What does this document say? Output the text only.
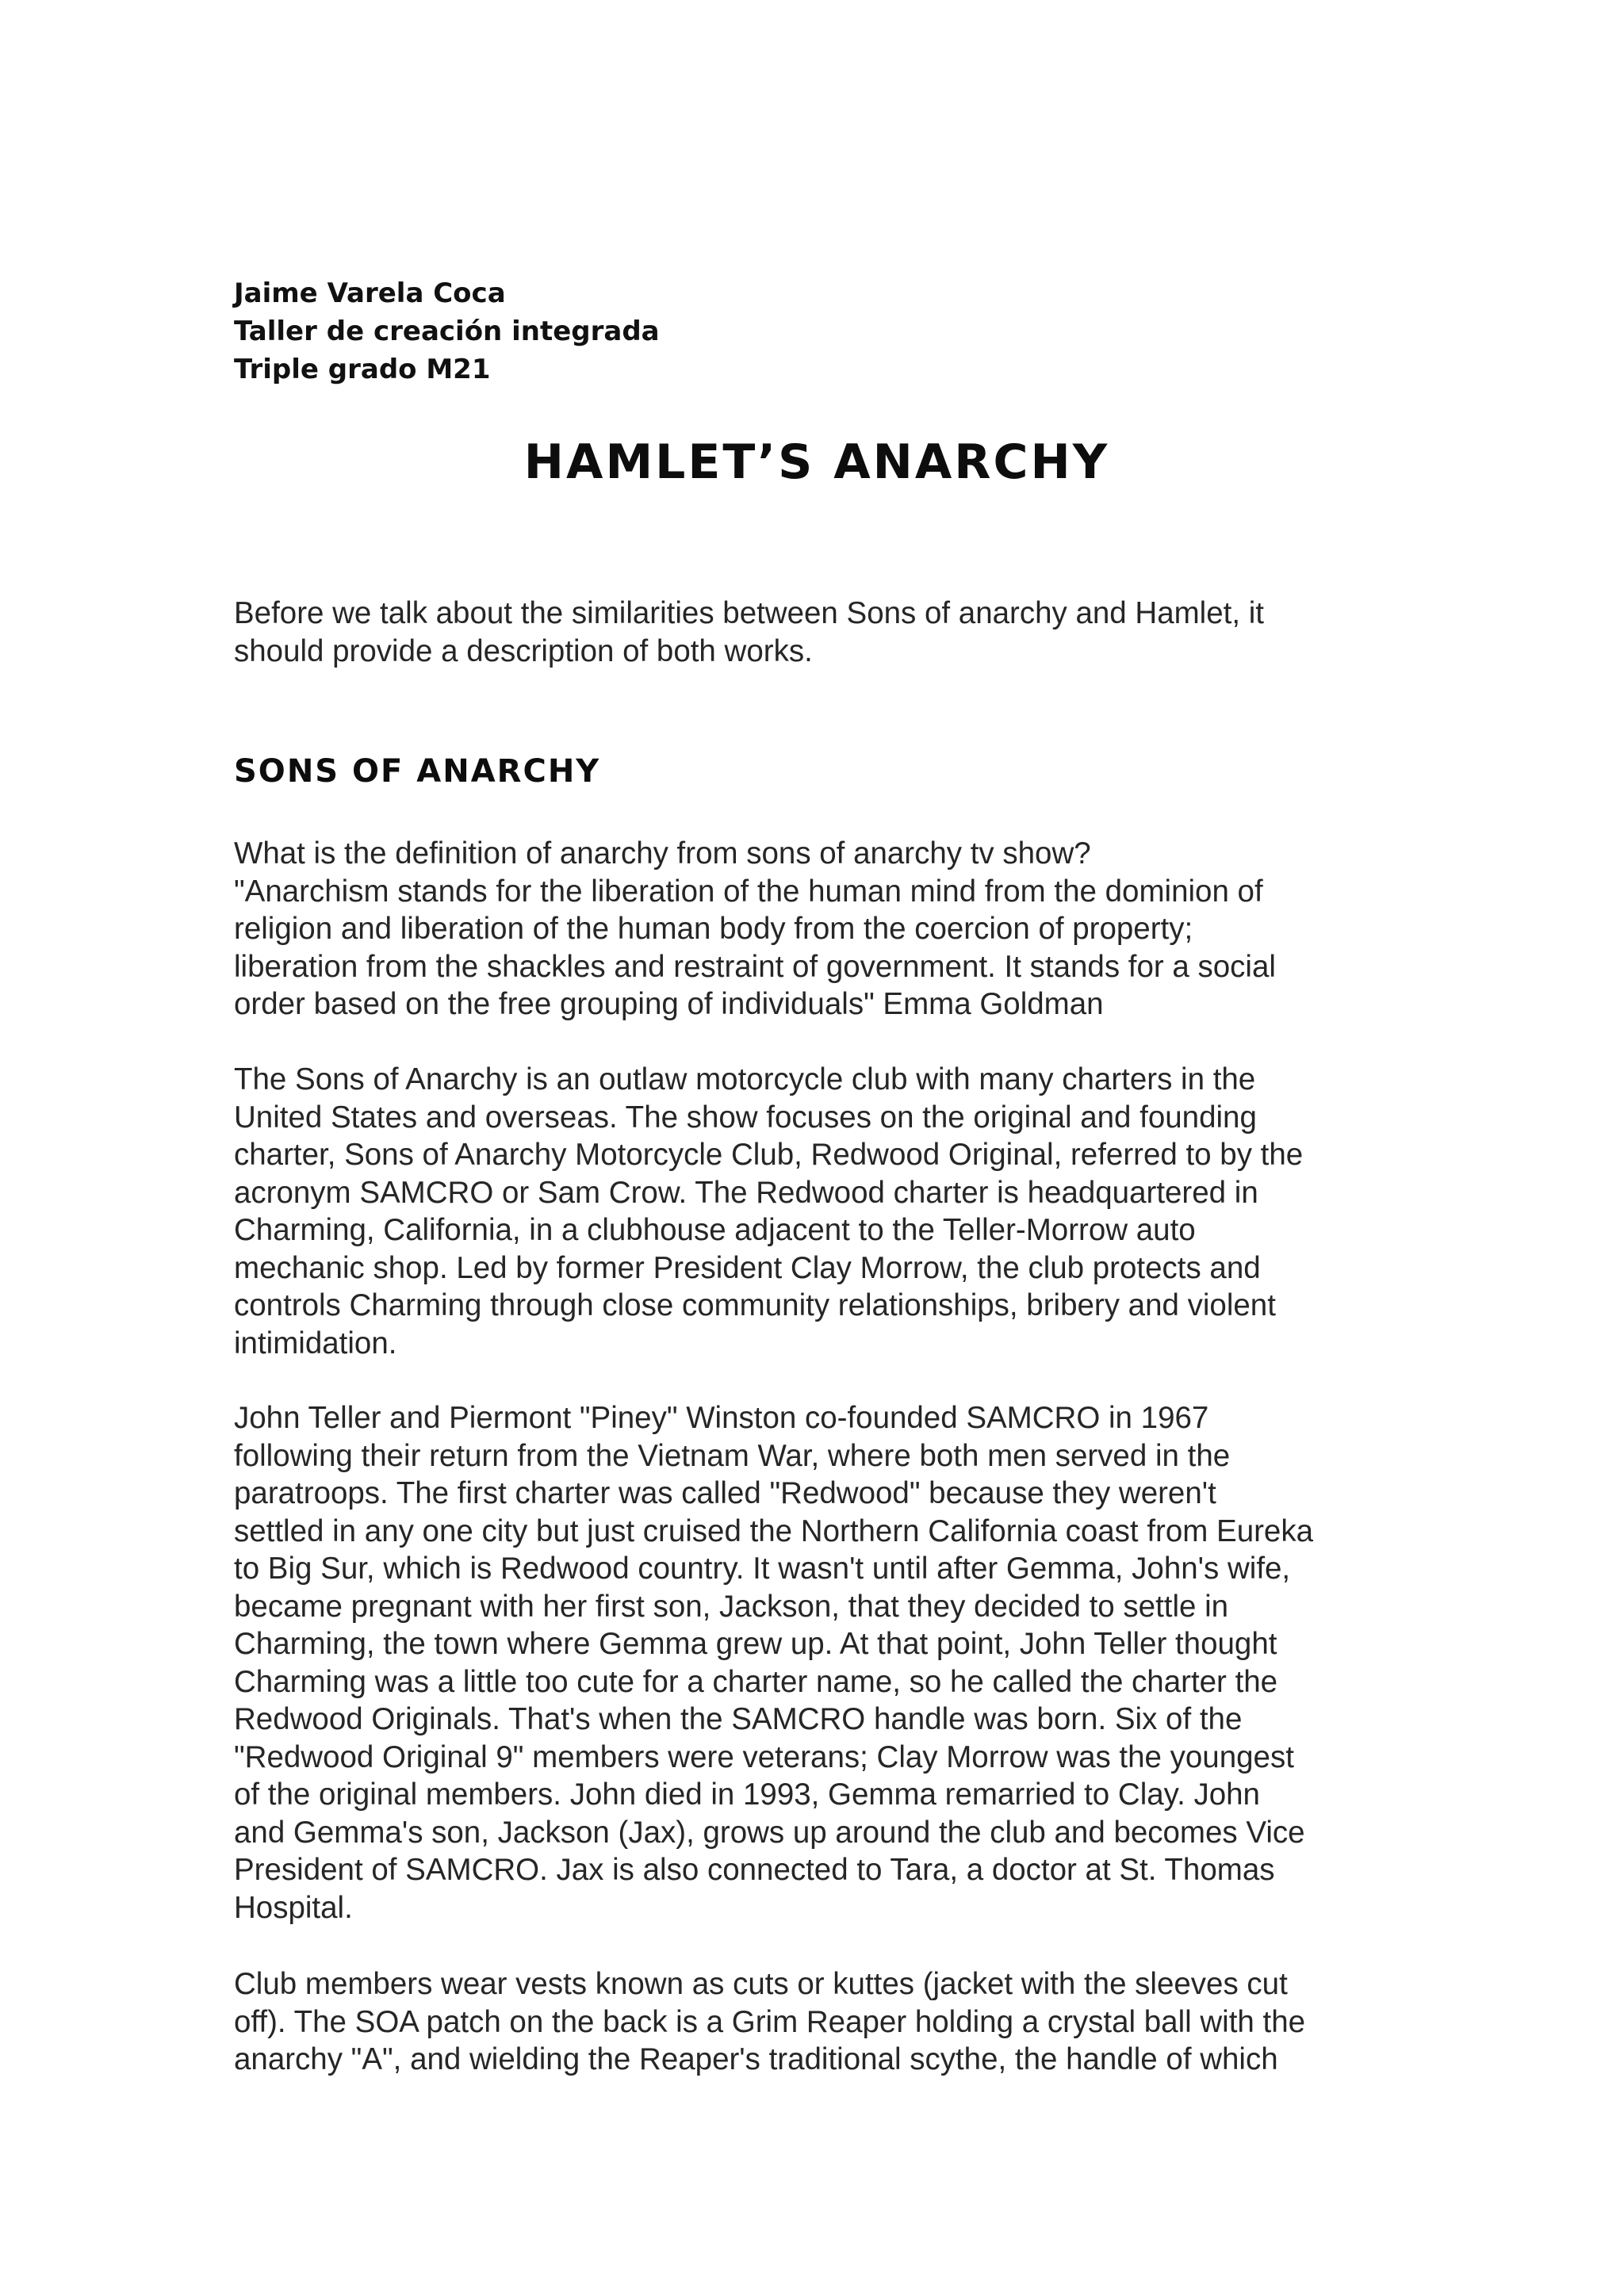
Jaime Varela Coca
Taller de creación integrada
Triple grado M21
HAMLET’S ANARCHY

Before we talk about the similarities between Sons of anarchy and Hamlet, it
should provide a description of both works.

SONS OF ANARCHY

What is the definition of anarchy from sons of anarchy tv show?
"Anarchism stands for the liberation of the human mind from the dominion of
religion and liberation of the human body from the coercion of property;
liberation from the shackles and restraint of government. It stands for a social
order based on the free grouping of individuals" Emma Goldman

The Sons of Anarchy is an outlaw motorcycle club with many charters in the
United States and overseas. The show focuses on the original and founding
charter, Sons of Anarchy Motorcycle Club, Redwood Original, referred to by the
acronym SAMCRO or Sam Crow. The Redwood charter is headquartered in
Charming, California, in a clubhouse adjacent to the Teller-Morrow auto
mechanic shop. Led by former President Clay Morrow, the club protects and
controls Charming through close community relationships, bribery and violent
intimidation.

John Teller and Piermont "Piney" Winston co-founded SAMCRO in 1967
following their return from the Vietnam War, where both men served in the
paratroops. The first charter was called "Redwood" because they weren't
settled in any one city but just cruised the Northern California coast from Eureka
to Big Sur, which is Redwood country. It wasn't until after Gemma, John's wife,
became pregnant with her first son, Jackson, that they decided to settle in
Charming, the town where Gemma grew up. At that point, John Teller thought
Charming was a little too cute for a charter name, so he called the charter the
Redwood Originals. That's when the SAMCRO handle was born. Six of the
"Redwood Original 9" members were veterans; Clay Morrow was the youngest
of the original members. John died in 1993, Gemma remarried to Clay. John
and Gemma's son, Jackson (Jax), grows up around the club and becomes Vice
President of SAMCRO. Jax is also connected to Tara, a doctor at St. Thomas
Hospital.

Club members wear vests known as cuts or kuttes (jacket with the sleeves cut
off). The SOA patch on the back is a Grim Reaper holding a crystal ball with the
anarchy "A", and wielding the Reaper's traditional scythe, the handle of which
